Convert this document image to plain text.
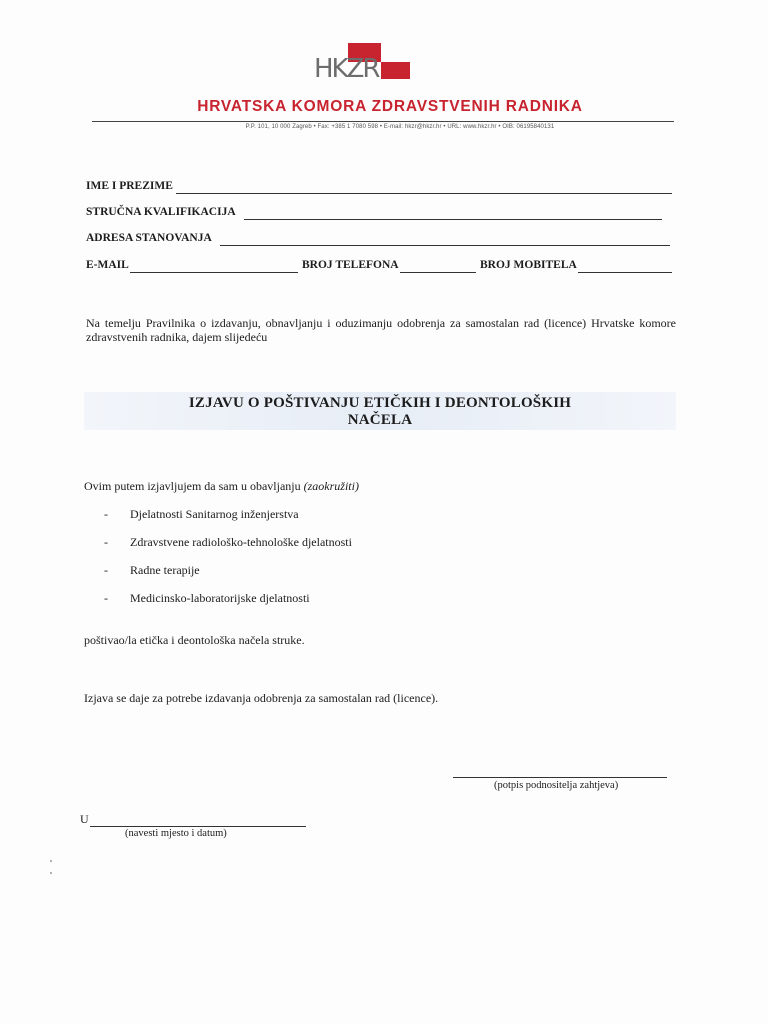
HKZR
HRVATSKA KOMORA ZDRAVSTVENIH RADNIKA
P.P. 101, 10 000 Zagreb • Fax: +385 1 7080 598 • E-mail: hkzr@hkzr.hr • URL: www.hkzr.hr • OIB: 06195840131
IME I PREZIME
STRUČNA KVALIFIKACIJA
ADRESA STANOVANJA
E-MAIL	BROJ TELEFONA	BROJ MOBITELA
Na temelju Pravilnika o izdavanju, obnavljanju i oduzimanju odobrenja za samostalan rad (licence) Hrvatske komore zdravstvenih radnika, dajem slijedeću
IZJAVU O POŠTIVANJU ETIČKIH I DEONTOLOŠKIH
NAČELA
Ovim putem izjavljujem da sam u obavljanju (zaokružiti)
- Djelatnosti Sanitarnog inženjerstva
- Zdravstvene radiološko-tehnološke djelatnosti
- Radne terapije
- Medicinsko-laboratorijske djelatnosti
poštivao/la etička i deontološka načela struke.
Izjava se daje za potrebe izdavanja odobrenja za samostalan rad (licence).
(potpis podnositelja zahtjeva)
U
(navesti mjesto i datum)
